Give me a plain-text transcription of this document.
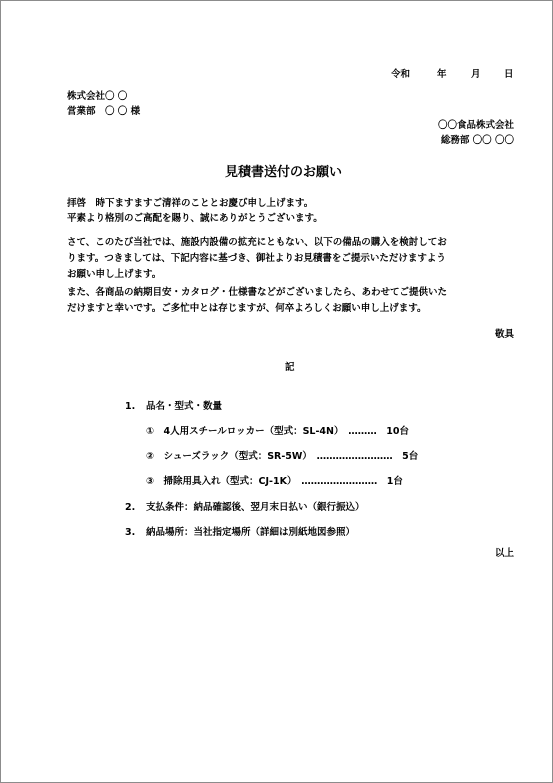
令和	年	月 日
株式会社〇 〇
営業部　〇 〇 様
〇〇食品株式会社
総務部 〇〇 〇〇
見積書送付のお願い
拝啓　時下ますますご清祥のこととお慶び申し上げます。
平素より格別のご高配を賜り、誠にありがとうございます。
さて、このたび当社では、施設内設備の拡充にともない、以下の備品の購入を検討してお
ります。つきましては、下記内容に基づき、御社よりお見積書をご提示いただけますよう
お願い申し上げます。
また、各商品の納期目安・カタログ・仕様書などがございましたら、あわせてご提供いた
だけますと幸いです。ご多忙中とは存じますが、何卒よろしくお願い申し上げます。
敬具
記
1. 品名・型式・数量
①　4人用スチールロッカー（型式：SL-4N）　………　10台
②　シューズラック（型式：SR-5W）　……………………　5台
③　掃除用具入れ（型式：CJ-1K）　……………………　1台
2. 支払条件：納品確認後、翌月末日払い（銀行振込）
3. 納品場所：当社指定場所（詳細は別紙地図参照）
以上
